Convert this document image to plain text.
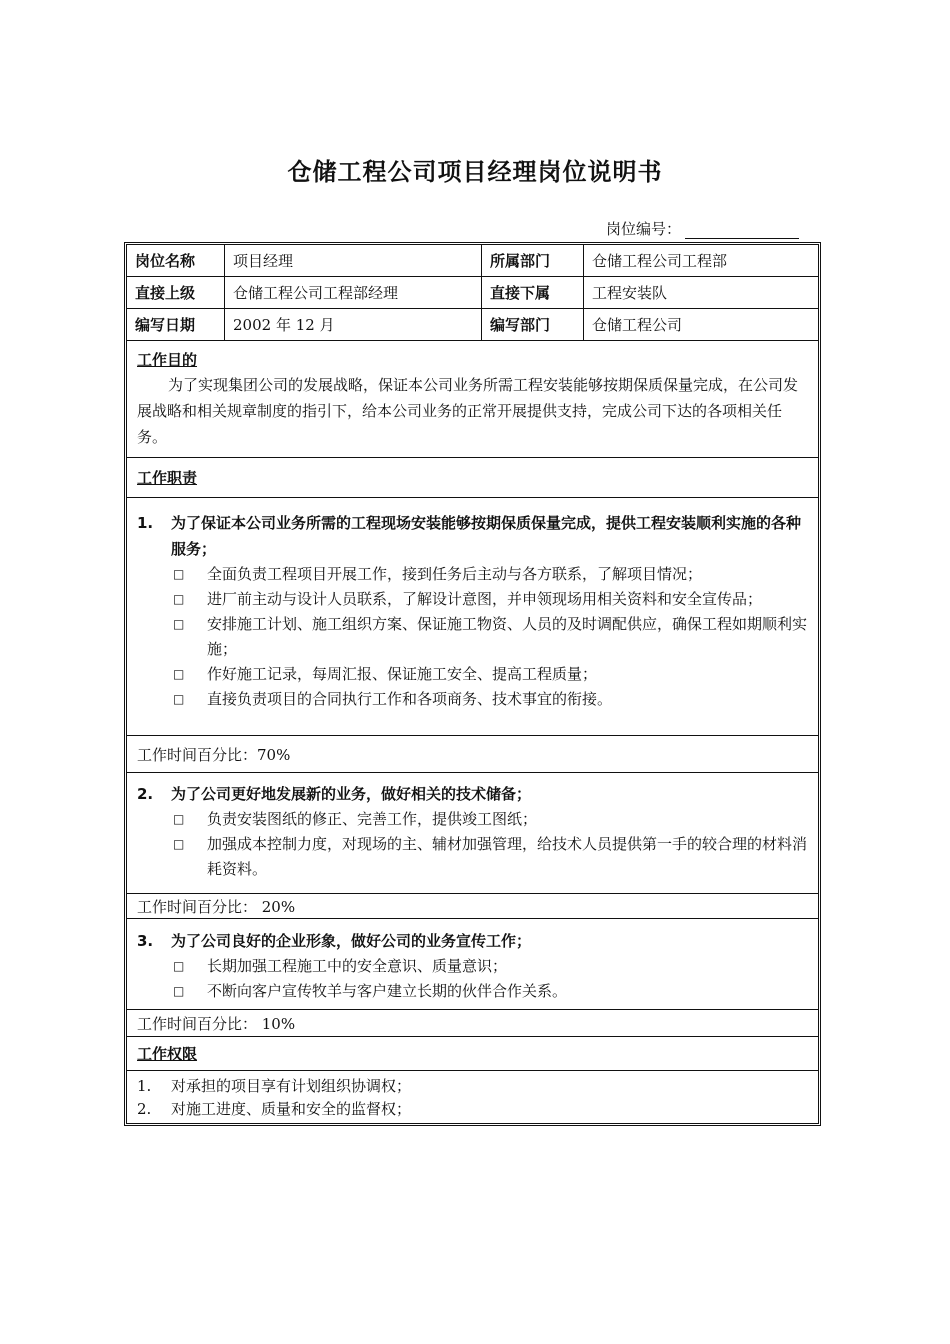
仓储工程公司项目经理岗位说明书
岗位编号：
岗位名称	项目经理	所属部门	仓储工程公司工程部
直接上级	仓储工程公司工程部经理	直接下属	工程安装队
编写日期	2002 年 12 月	编写部门	仓储工程公司
工作目的
为了实现集团公司的发展战略，保证本公司业务所需工程安装能够按期保质保量完成，在公司发展战略和相关规章制度的指引下，给本公司业务的正常开展提供支持，完成公司下达的各项相关任务。
工作职责
1.	为了保证本公司业务所需的工程现场安装能够按期保质保量完成，提供工程安装顺利实施的各种服务；
□	全面负责工程项目开展工作，接到任务后主动与各方联系，了解项目情况；
□	进厂前主动与设计人员联系，了解设计意图，并申领现场用相关资料和安全宣传品；
□	安排施工计划、施工组织方案、保证施工物资、人员的及时调配供应，确保工程如期顺利实施；
□	作好施工记录，每周汇报、保证施工安全、提高工程质量；
□	直接负责项目的合同执行工作和各项商务、技术事宜的衔接。
工作时间百分比：70%
2.	为了公司更好地发展新的业务，做好相关的技术储备；
□	负责安装图纸的修正、完善工作，提供竣工图纸；
□	加强成本控制力度，对现场的主、辅材加强管理，给技术人员提供第一手的较合理的材料消耗资料。
工作时间百分比： 20%
3.	为了公司良好的企业形象，做好公司的业务宣传工作；
□	长期加强工程施工中的安全意识、质量意识；
□	不断向客户宣传牧羊与客户建立长期的伙伴合作关系。
工作时间百分比： 10%
工作权限
1.	对承担的项目享有计划组织协调权；
2.	对施工进度、质量和安全的监督权；
